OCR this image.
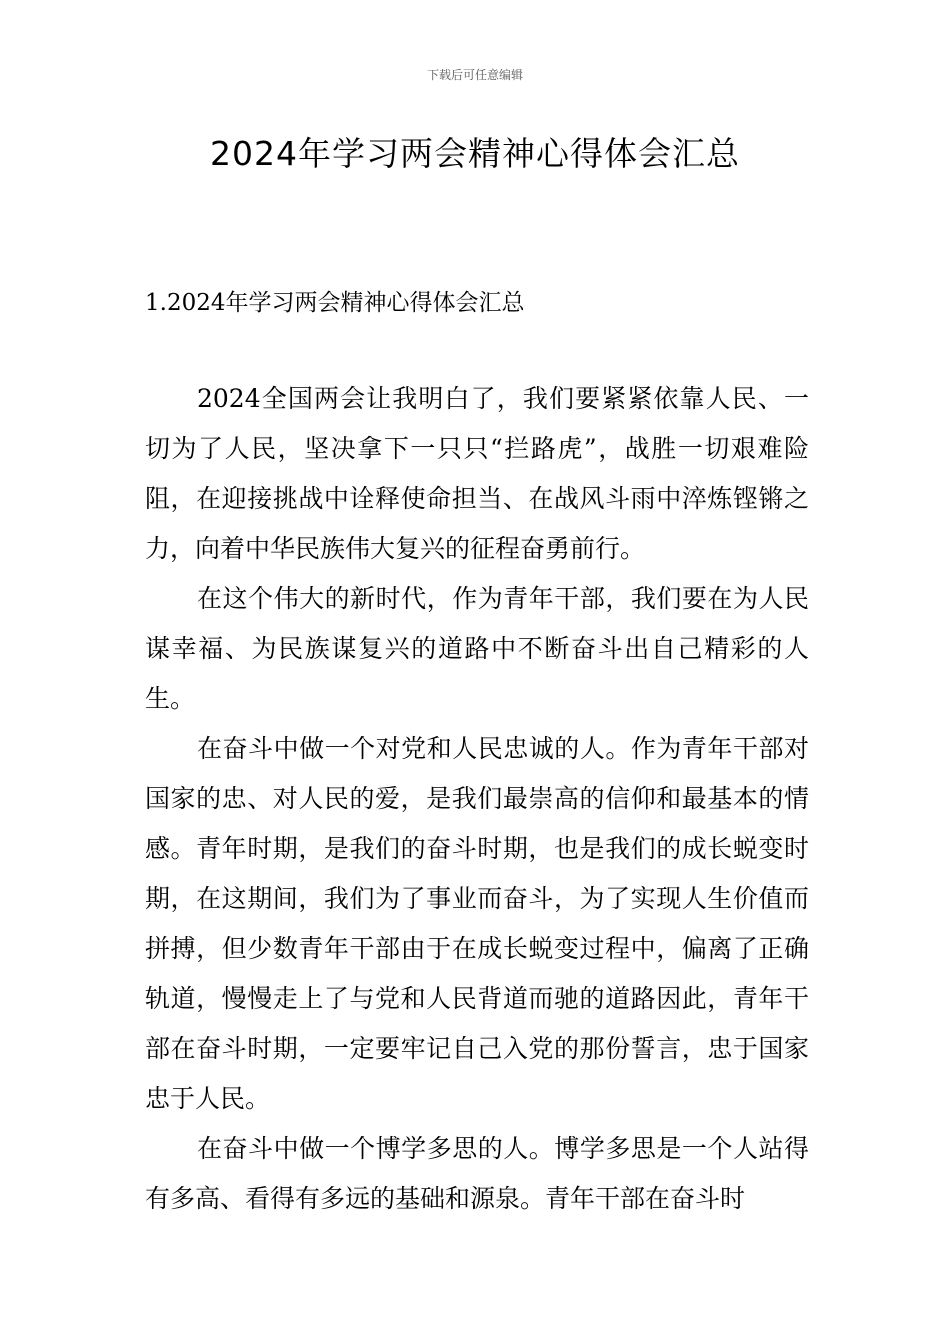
下载后可任意编辑
2024年学习两会精神心得体会汇总
1.2024年学习两会精神心得体会汇总

2024全国两会让我明白了，我们要紧紧依靠人民、一切为了人民，坚决拿下一只只“拦路虎”，战胜一切艰难险阻，在迎接挑战中诠释使命担当、在战风斗雨中淬炼铿锵之力，向着中华民族伟大复兴的征程奋勇前行。

在这个伟大的新时代，作为青年干部，我们要在为人民谋幸福、为民族谋复兴的道路中不断奋斗出自己精彩的人生。

在奋斗中做一个对党和人民忠诚的人。作为青年干部对国家的忠、对人民的爱，是我们最崇高的信仰和最基本的情感。青年时期，是我们的奋斗时期，也是我们的成长蜕变时期，在这期间，我们为了事业而奋斗，为了实现人生价值而拼搏，但少数青年干部由于在成长蜕变过程中，偏离了正确轨道，慢慢走上了与党和人民背道而驰的道路因此，青年干部在奋斗时期，一定要牢记自己入党的那份誓言，忠于国家忠于人民。

在奋斗中做一个博学多思的人。博学多思是一个人站得有多高、看得有多远的基础和源泉。青年干部在奋斗时
